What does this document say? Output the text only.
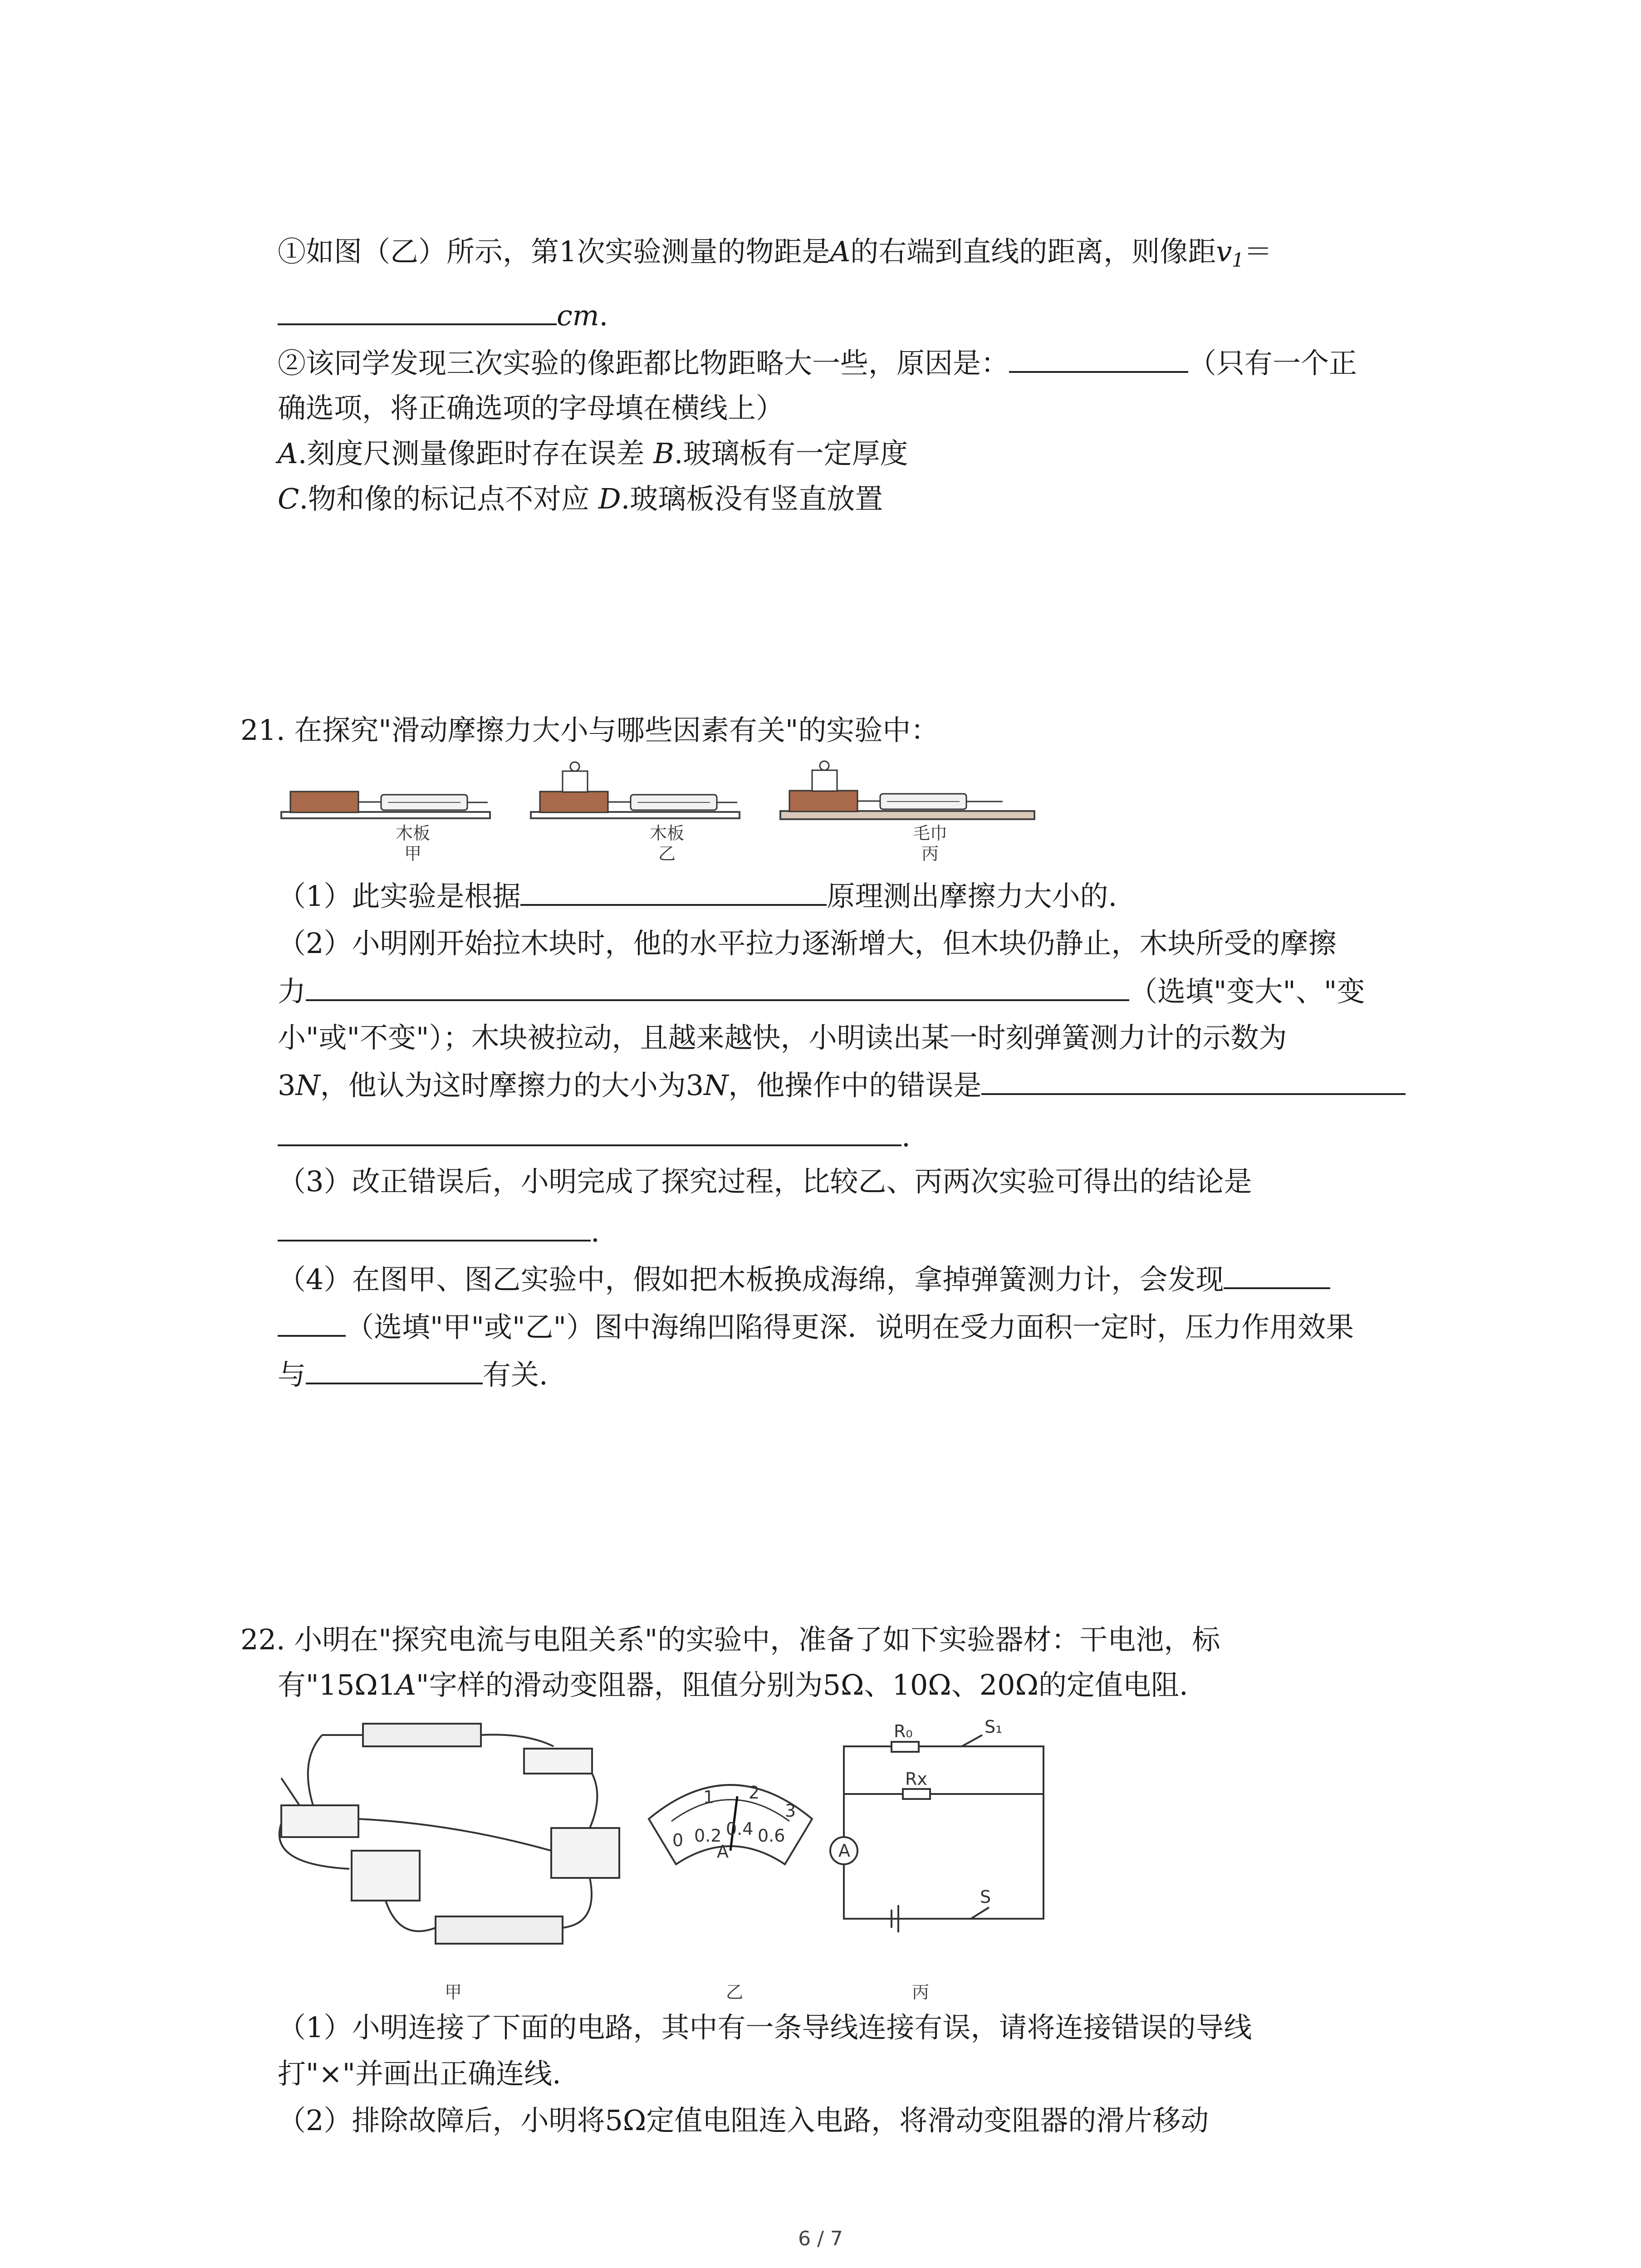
①如图（乙）所示，第1次实验测量的物距是A的右端到直线的距离，则像距$v_1=$
cm.
②该同学发现三次实验的像距都比物距略大一些，原因是：	（只有一个正
确选项，将正确选项的字母填在横线上）
A.刻度尺测量像距时存在误差 B.玻璃板有一定厚度
C.物和像的标记点不对应 D.玻璃板没有竖直放置
21. 在探究"滑动摩擦力大小与哪些因素有关"的实验中：
木板
甲
木板
乙
毛巾
丙
（1）此实验是根据	原理测出摩擦力大小的.
（2）小明刚开始拉木块时，他的水平拉力逐渐增大，但木块仍静止，木块所受的摩擦
力	（选填"变大"、"变
小"或"不变"）；木块被拉动，且越来越快，小明读出某一时刻弹簧测力计的示数为
3N，他认为这时摩擦力的大小为3N，他操作中的错误是
.
（3）改正错误后，小明完成了探究过程，比较乙、丙两次实验可得出的结论是
.
（4）在图甲、图乙实验中，假如把木板换成海绵，拿掉弹簧测力计，会发现
（选填"甲"或"乙"）图中海绵凹陷得更深．说明在受力面积一定时，压力作用效果
与	有关.
22. 小明在"探究电流与电阻关系"的实验中，准备了如下实验器材：干电池，标
有"15Ω1A"字样的滑动变阻器，阻值分别为5Ω、10Ω、20Ω的定值电阻.
0 0.2 0.4 0.6
1 2
3
A
R₀	S₁
Rx
S
A
甲	乙	丙
（1）小明连接了下面的电路，其中有一条导线连接有误，请将连接错误的导线
打"×"并画出正确连线.
（2）排除故障后，小明将5Ω定值电阻连入电路，将滑动变阻器的滑片移动
6 / 7
